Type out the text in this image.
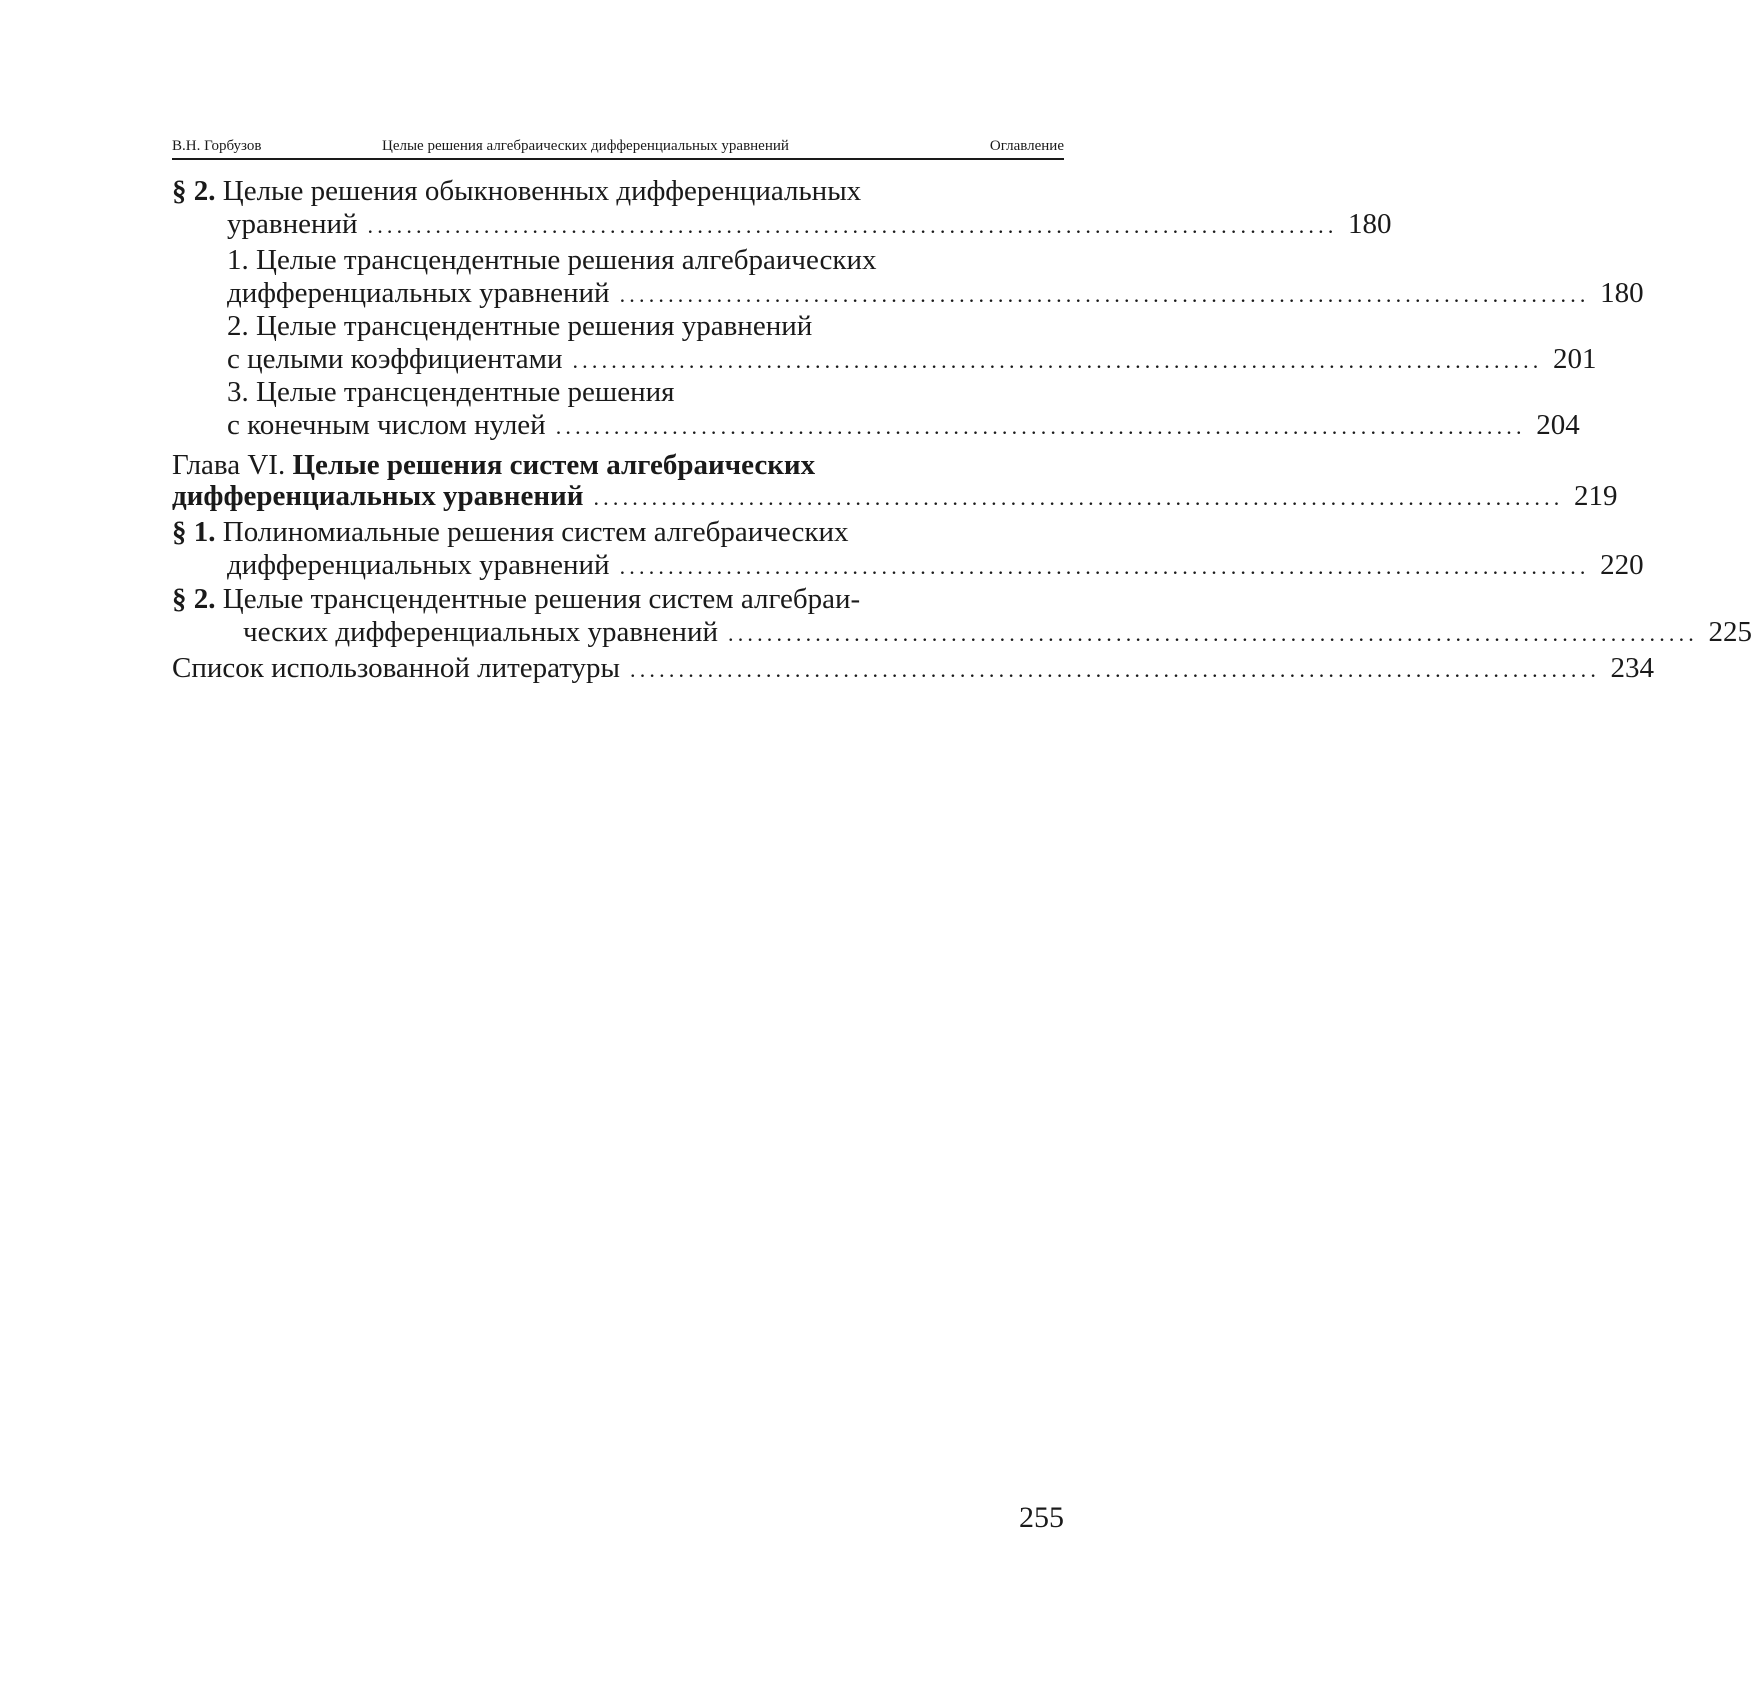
В.Н. Горбузов	Целые решения алгебраических дифференциальных уравнений	Оглавление
§ 2. Целые решения обыкновенных дифференциальных
уравнений .................................................................................................... 180
1. Целые трансцендентные решения алгебраических
дифференциальных уравнений .................................................................................................... 180
2. Целые трансцендентные решения уравнений
с целыми коэффициентами .................................................................................................... 201
3. Целые трансцендентные решения
с конечным числом нулей .................................................................................................... 204
Глава VI. Целые решения систем алгебраических
дифференциальных уравнений .................................................................................................... 219
§ 1. Полиномиальные решения систем алгебраических
дифференциальных уравнений .................................................................................................... 220
§ 2. Целые трансцендентные решения систем алгебраи-
ческих дифференциальных уравнений .................................................................................................... 225
Список использованной литературы .................................................................................................... 234
255
